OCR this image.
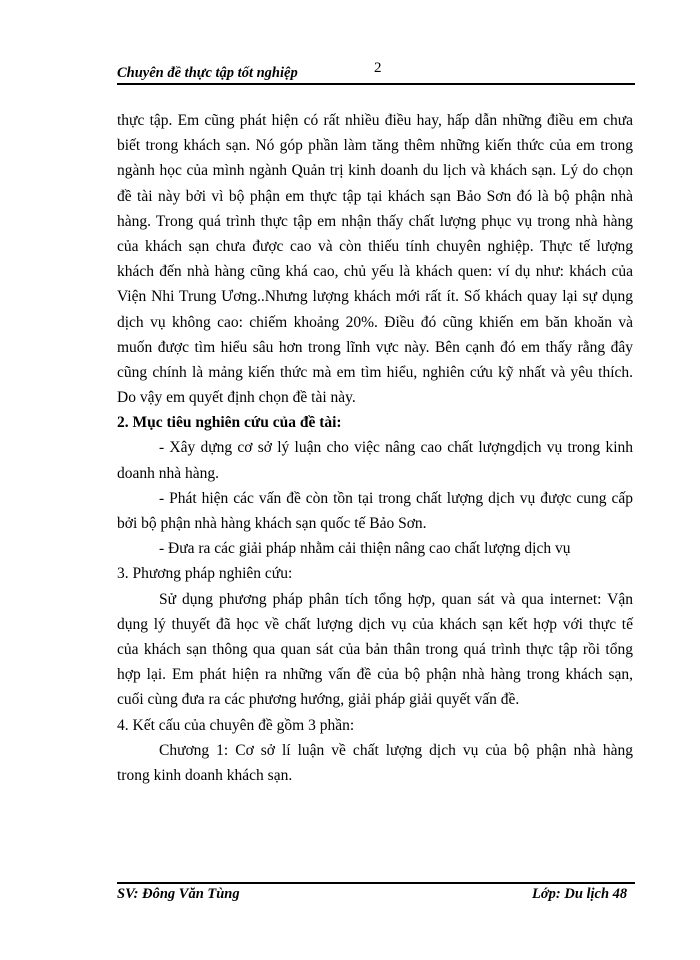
Chuyên đề thực tập tốt nghiệp	2
thực tập. Em cũng phát hiện có rất nhiều điều hay, hấp dẫn những điều em chưa
biết trong khách sạn. Nó góp phần làm tăng thêm những kiến thức của em trong
ngành học của mình ngành Quản trị kinh doanh du lịch và khách sạn. Lý do chọn
đề tài này bởi vì bộ phận em thực tập tại khách sạn Bảo Sơn đó là bộ phận nhà
hàng. Trong quá trình thực tập em nhận thấy chất lượng phục vụ trong nhà hàng
của khách sạn chưa được cao và còn thiếu tính chuyên nghiệp. Thực tế lượng
khách đến nhà hàng cũng khá cao, chủ yếu là khách quen: ví dụ như: khách của
Viện Nhi Trung Ương..Nhưng lượng khách mới rất ít. Số khách quay lại sự dụng
dịch vụ không cao: chiếm khoảng 20%. Điều đó cũng khiến em băn khoăn và
muốn được tìm hiểu sâu hơn trong lĩnh vực này. Bên cạnh đó em thấy rằng đây
cũng chính là mảng kiến thức mà em tìm hiểu, nghiên cứu kỹ nhất và yêu thích.
Do vậy em quyết định chọn đề tài này.
2. Mục tiêu nghiên cứu của đề tài:
- Xây dựng cơ sở lý luận cho việc nâng cao chất lượngdịch vụ trong kinh
doanh nhà hàng.
- Phát hiện các vấn đề còn tồn tại trong chất lượng dịch vụ được cung cấp
bởi bộ phận nhà hàng khách sạn quốc tế Bảo Sơn.
- Đưa ra các giải pháp nhằm cải thiện nâng cao chất lượng dịch vụ
3. Phương pháp nghiên cứu:
Sử dụng phương pháp phân tích tổng hợp, quan sát và qua internet: Vận
dụng lý thuyết đã học về chất lượng dịch vụ của khách sạn kết hợp với thực tế
của khách sạn thông qua quan sát của bản thân trong quá trình thực tập rồi tổng
hợp lại. Em phát hiện ra những vấn đề của bộ phận nhà hàng trong khách sạn,
cuối cùng đưa ra các phương hướng, giải pháp giải quyết vấn đề.
4. Kết cấu của chuyên đề gồm 3 phần:
Chương 1: Cơ sở lí luận về chất lượng dịch vụ của bộ phận nhà hàng
trong kinh doanh khách sạn.
SV: Đông Văn Tùng	Lớp: Du lịch 48
